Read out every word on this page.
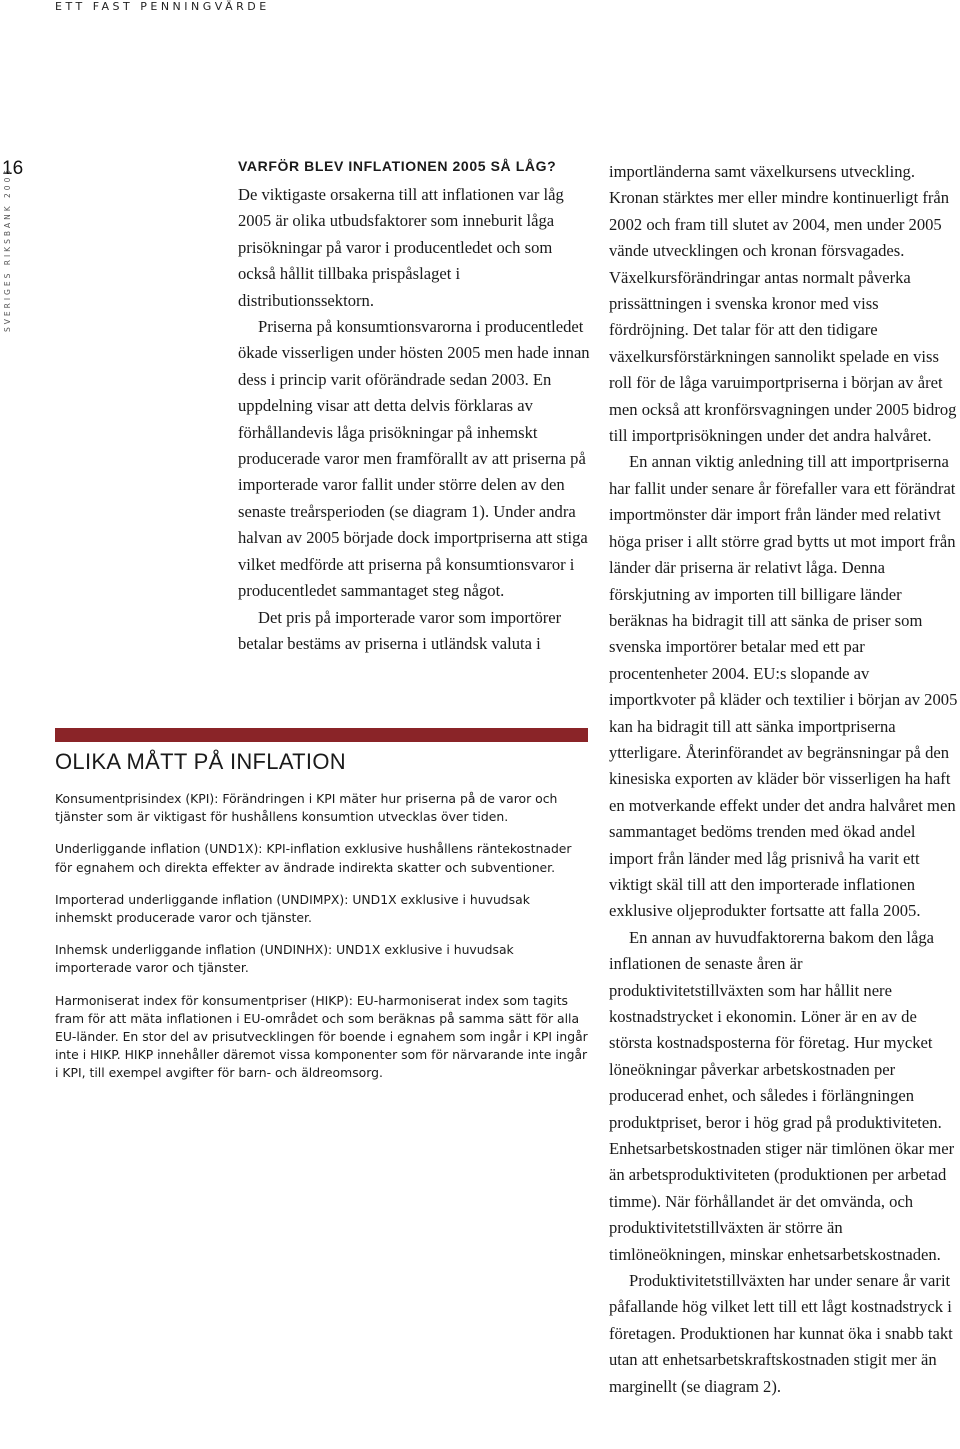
ETT FAST PENNINGVÄRDE
16
SVERIGES RIKSBANK 2005
VARFÖR BLEV INFLATIONEN 2005 SÅ LÅG?

De viktigaste orsakerna till att inflationen var låg 2005 är olika utbudsfaktorer som inneburit låga prisökningar på varor i producentledet och som också hållit tillbaka prispåslaget i distributionssektorn.

Priserna på konsumtionsvarorna i producentledet ökade visserligen under hösten 2005 men hade innan dess i princip varit oförändrade sedan 2003. En uppdelning visar att detta delvis förklaras av förhållandevis låga prisökningar på inhemskt producerade varor men framförallt av att priserna på importerade varor fallit under större delen av den senaste treårsperioden (se diagram 1). Under andra halvan av 2005 började dock importpriserna att stiga vilket medförde att priserna på konsumtionsvaror i producentledet sammantaget steg något.

Det pris på importerade varor som importörer betalar bestäms av priserna i utländsk valuta i

importländerna samt växelkursens utveckling. Kronan stärktes mer eller mindre kontinuerligt från 2002 och fram till slutet av 2004, men under 2005 vände utvecklingen och kronan försvagades. Växelkursförändringar antas normalt påverka prissättningen i svenska kronor med viss fördröjning. Det talar för att den tidigare växelkursförstärkningen sannolikt spelade en viss roll för de låga varuimportpriserna i början av året men också att kronförsvagningen under 2005 bidrog till importprisökningen under det andra halvåret.

En annan viktig anledning till att importpriserna har fallit under senare år förefaller vara ett förändrat importmönster där import från länder med relativt höga priser i allt större grad bytts ut mot import från länder där priserna är relativt låga. Denna förskjutning av importen till billigare länder beräknas ha bidragit till att sänka de priser som svenska importörer betalar med ett par procentenheter 2004. EU:s slopande av importkvoter på kläder och textilier i början av 2005 kan ha bidragit till att sänka importpriserna ytterligare. Återinförandet av begränsningar på den kinesiska exporten av kläder bör visserligen ha haft en motverkande effekt under det andra halvåret men sammantaget bedöms trenden med ökad andel import från länder med låg prisnivå ha varit ett viktigt skäl till att den importerade inflationen exklusive oljeprodukter fortsatte att falla 2005.

En annan av huvudfaktorerna bakom den låga inflationen de senaste åren är produktivitetstillväxten som har hållit nere kostnadstrycket i ekonomin. Löner är en av de största kostnadsposterna för företag. Hur mycket löneökningar påverkar arbetskostnaden per producerad enhet, och således i förlängningen produktpriset, beror i hög grad på produktiviteten. Enhetsarbetskostnaden stiger när timlönen ökar mer än arbetsproduktiviteten (produktionen per arbetad timme). När förhållandet är det omvända, och produktivitetstillväxten är större än timlöneökningen, minskar enhetsarbetskostnaden.

Produktivitetstillväxten har under senare år varit påfallande hög vilket lett till ett lågt kostnadstryck i företagen. Produktionen har kunnat öka i snabb takt utan att enhetsarbetskraftskostnaden stigit mer än marginellt (se diagram 2).

OLIKA MÅTT PÅ INFLATION

Konsumentprisindex (KPI): Förändringen i KPI mäter hur priserna på de varor och tjänster som är viktigast för hushållens konsumtion utvecklas över tiden.

Underliggande inflation (UND1X): KPI-inflation exklusive hushållens räntekostnader för egnahem och direkta effekter av ändrade indirekta skatter och subventioner.

Importerad underliggande inflation (UNDIMPX): UND1X exklusive i huvudsak inhemskt producerade varor och tjänster.

Inhemsk underliggande inflation (UNDINHX): UND1X exklusive i huvudsak importerade varor och tjänster.

Harmoniserat index för konsumentpriser (HIKP): EU-harmoniserat index som tagits fram för att mäta inflationen i EU-området och som beräknas på samma sätt för alla EU-länder. En stor del av prisutvecklingen för boende i egnahem som ingår i KPI ingår inte i HIKP. HIKP innehåller däremot vissa komponenter som för närvarande inte ingår i KPI, till exempel avgifter för barn- och äldreomsorg.
